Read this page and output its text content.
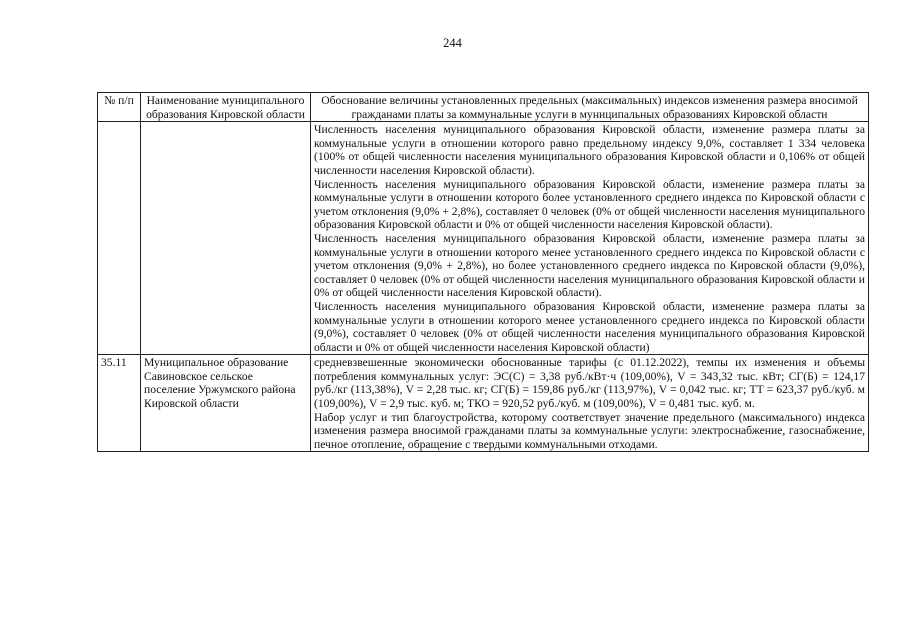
244
№ п/п	Наименование муниципального образования Кировской области	Обоснование величины установленных предельных (максимальных) индексов изменения размера вносимой гражданами платы за коммунальные услуги в муниципальных образованиях Кировской области

		Численность населения муниципального образования Кировской области, изменение размера платы за коммунальные услуги в отношении которого равно предельному индексу 9,0%, составляет 1 334 человека (100% от общей численности населения муниципального образования Кировской области и 0,106% от общей численности населения Кировской области).

Численность населения муниципального образования Кировской области, изменение размера платы за коммунальные услуги в отношении которого более установленного среднего индекса по Кировской области с учетом отклонения (9,0% + 2,8%), составляет 0 человек (0% от общей численности населения муниципального образования Кировской области и 0% от общей численности населения Кировской области).

Численность населения муниципального образования Кировской области, изменение размера платы за коммунальные услуги в отношении которого менее установленного среднего индекса по Кировской области с учетом отклонения (9,0% + 2,8%), но более установленного среднего индекса по Кировской области (9,0%), составляет 0 человек (0% от общей численности населения муниципального образования Кировской области и 0% от общей численности населения Кировской области).

Численность населения муниципального образования Кировской области, изменение размера платы за коммунальные услуги в отношении которого менее установленного среднего индекса по Кировской области (9,0%), составляет 0 человек (0% от общей численности населения муниципального образования Кировской области и 0% от общей численности населения Кировской области)

35.11	Муниципальное образование Савиновское сельское поселение Уржумского района Кировской области	средневзвешенные экономически обоснованные тарифы (с 01.12.2022), темпы их изменения и объемы потребления коммунальных услуг: ЭС(С) = 3,38 руб./кВт·ч (109,00%), V = 343,32 тыс. кВт; СГ(Б) = 124,17 руб./кг (113,38%), V = 2,28 тыс. кг; СГ(Б) = 159,86 руб./кг (113,97%), V = 0,042 тыс. кг; ТТ = 623,37 руб./куб. м (109,00%), V = 2,9 тыс. куб. м; ТКО = 920,52 руб./куб. м (109,00%), V = 0,481 тыс. куб. м.

Набор услуг и тип благоустройства, которому соответствует значение предельного (максимального) индекса изменения размера вносимой гражданами платы за коммунальные услуги: электроснабжение, газоснабжение, печное отопление, обращение с твердыми коммунальными отходами.
